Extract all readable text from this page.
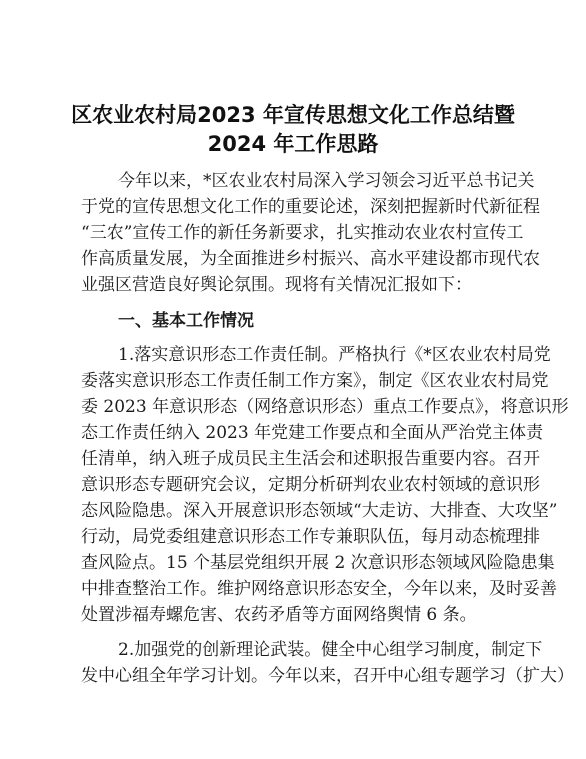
区农业农村局2023 年宣传思想文化工作总结暨
2024 年工作思路

今年以来，*区农业农村局深入学习领会习近平总书记关

于党的宣传思想文化工作的重要论述，深刻把握新时代新征程

“三农”宣传工作的新任务新要求，扎实推动农业农村宣传工

作高质量发展，为全面推进乡村振兴、高水平建设都市现代农

业强区营造良好舆论氛围。现将有关情况汇报如下：

一、基本工作情况

1.落实意识形态工作责任制。严格执行《*区农业农村局党

委落实意识形态工作责任制工作方案》，制定《区农业农村局党

委 2023 年意识形态（网络意识形态）重点工作要点》，将意识形

态工作责任纳入 2023 年党建工作要点和全面从严治党主体责

任清单，纳入班子成员民主生活会和述职报告重要内容。召开

意识形态专题研究会议，定期分析研判农业农村领域的意识形

态风险隐患。深入开展意识形态领域“大走访、大排查、大攻坚”

行动，局党委组建意识形态工作专兼职队伍，每月动态梳理排

查风险点。15 个基层党组织开展 2 次意识形态领域风险隐患集

中排查整治工作。维护网络意识形态安全，今年以来，及时妥善

处置涉福寿螺危害、农药矛盾等方面网络舆情 6 条。

2.加强党的创新理论武装。健全中心组学习制度，制定下

发中心组全年学习计划。今年以来，召开中心组专题学习（扩大）
